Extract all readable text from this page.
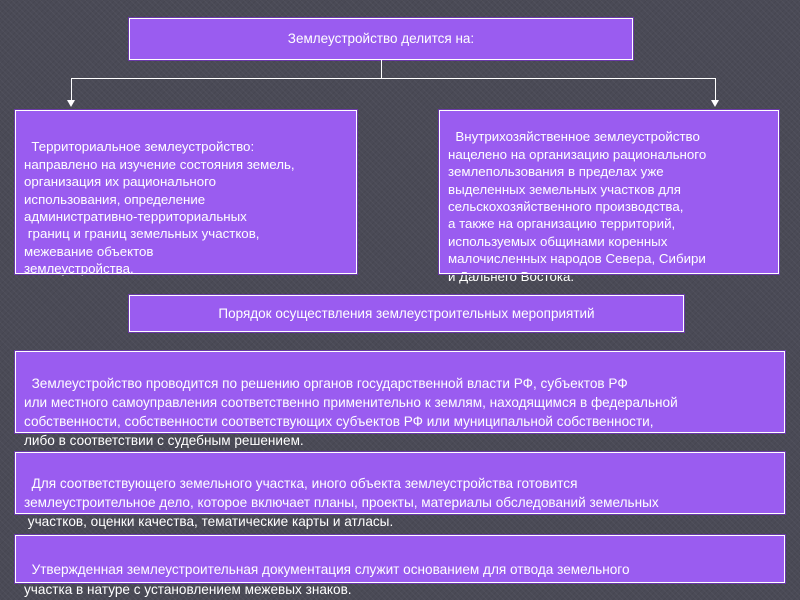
Землеустройство делится на:

Территориальное землеустройство:
направлено на изучение состояния земель,
организация их рационального
использования, определение
административно-территориальных
границ и границ земельных участков,
межевание объектов
землеустройства.

Внутрихозяйственное землеустройство
нацелено на организацию рационального
землепользования в пределах уже
выделенных земельных участков для
сельскохозяйственного производства,
а также на организацию территорий,
используемых общинами коренных
малочисленных народов Севера, Сибири
и Дальнего Востока.

Порядок осуществления землеустроительных мероприятий

Землеустройство проводится по решению органов государственной власти РФ, субъектов РФ
или местного самоуправления соответственно применительно к землям, находящимся в федеральной
собственности, собственности соответствующих субъектов РФ или муниципальной собственности,
либо в соответствии с судебным решением.

Для соответствующего земельного участка, иного объекта землеустройства готовится
землеустроительное дело, которое включает планы, проекты, материалы обследований земельных
участков, оценки качества, тематические карты и атласы.

Утвержденная землеустроительная документация служит основанием для отвода земельного
участка в натуре с установлением межевых знаков.
